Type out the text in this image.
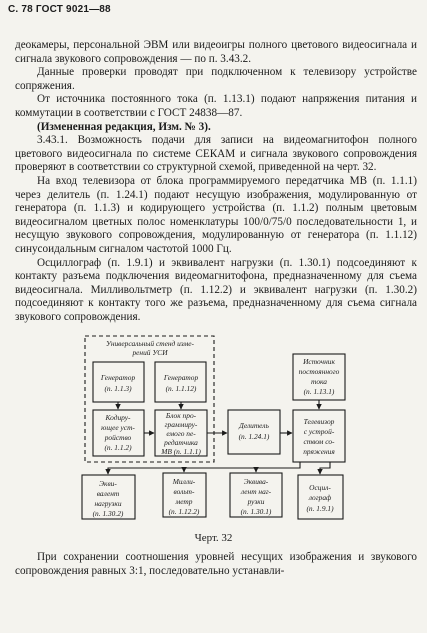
С. 78 ГОСТ 9021—88

деокамеры, персональной ЭВМ или видеоигры полного цветового видеосигнала и сигнала звукового сопровождения — по п. 3.43.2.

Данные проверки проводят при подключенном к телевизору устройстве сопряжения.

От источника постоянного тока (п. 1.13.1) подают напряжения питания и коммутации в соответствии с ГОСТ 24838—87.

(Измененная редакция, Изм. № 3).

3.43.1. Возможность подачи для записи на видеомагнитофон полного цветового видеосигнала по системе СЕКАМ и сигнала звукового сопровождения проверяют в соответствии со структурной схемой, приведенной на черт. 32.

На вход телевизора от блока программируемого передатчика МВ (п. 1.1.1) через делитель (п. 1.24.1) подают несущую изображения, модулированную от генератора (п. 1.1.3) и кодирующего устройства (п. 1.1.2) полным цветовым видеосигналом цветных полос номенклатуры 100/0/75/0 последовательности 1, и несущую звукового сопровождения, модулированную от генератора (п. 1.1.12) синусоидальным сигналом частотой 1000 Гц.

Осциллограф (п. 1.9.1) и эквивалент нагрузки (п. 1.30.1) подсоединяют к контакту разъема подключения видеомагнитофона, предназначенному для съема видеосигнала. Милливольтметр (п. 1.12.2) и эквивалент нагрузки (п. 1.30.2) подсоединяют к контакту того же разъема, предназначенному для съема сигнала звукового сопровождения.

Универсальный стенд изме-
рений УСИ
Генератор
(п. 1.1.3)
Генератор
(п. 1.1.12)
Кодиру-
ющее уст-
ройство
(п. 1.1.2)
Блок про-
граммиру-
емого пе-
редатчика
МВ (п. 1.1.1)
Делитель
(п. 1.24.1)
Источник
постоянного
тока
(п. 1.13.1)
Телевизор
с устрой-
ством со-
пряжения
Экви-
валент
нагрузки
(п. 1.30.2)
Милли-
вольт-
метр
(п. 1.12.2)
Эквива-
лент наг-
рузки
(п. 1.30.1)
Осцил-
лограф
(п. 1.9.1)
Черт. 32

При сохранении соотношения уровней несущих изображения и звукового сопровождения равных 3:1, последовательно устанавли-
